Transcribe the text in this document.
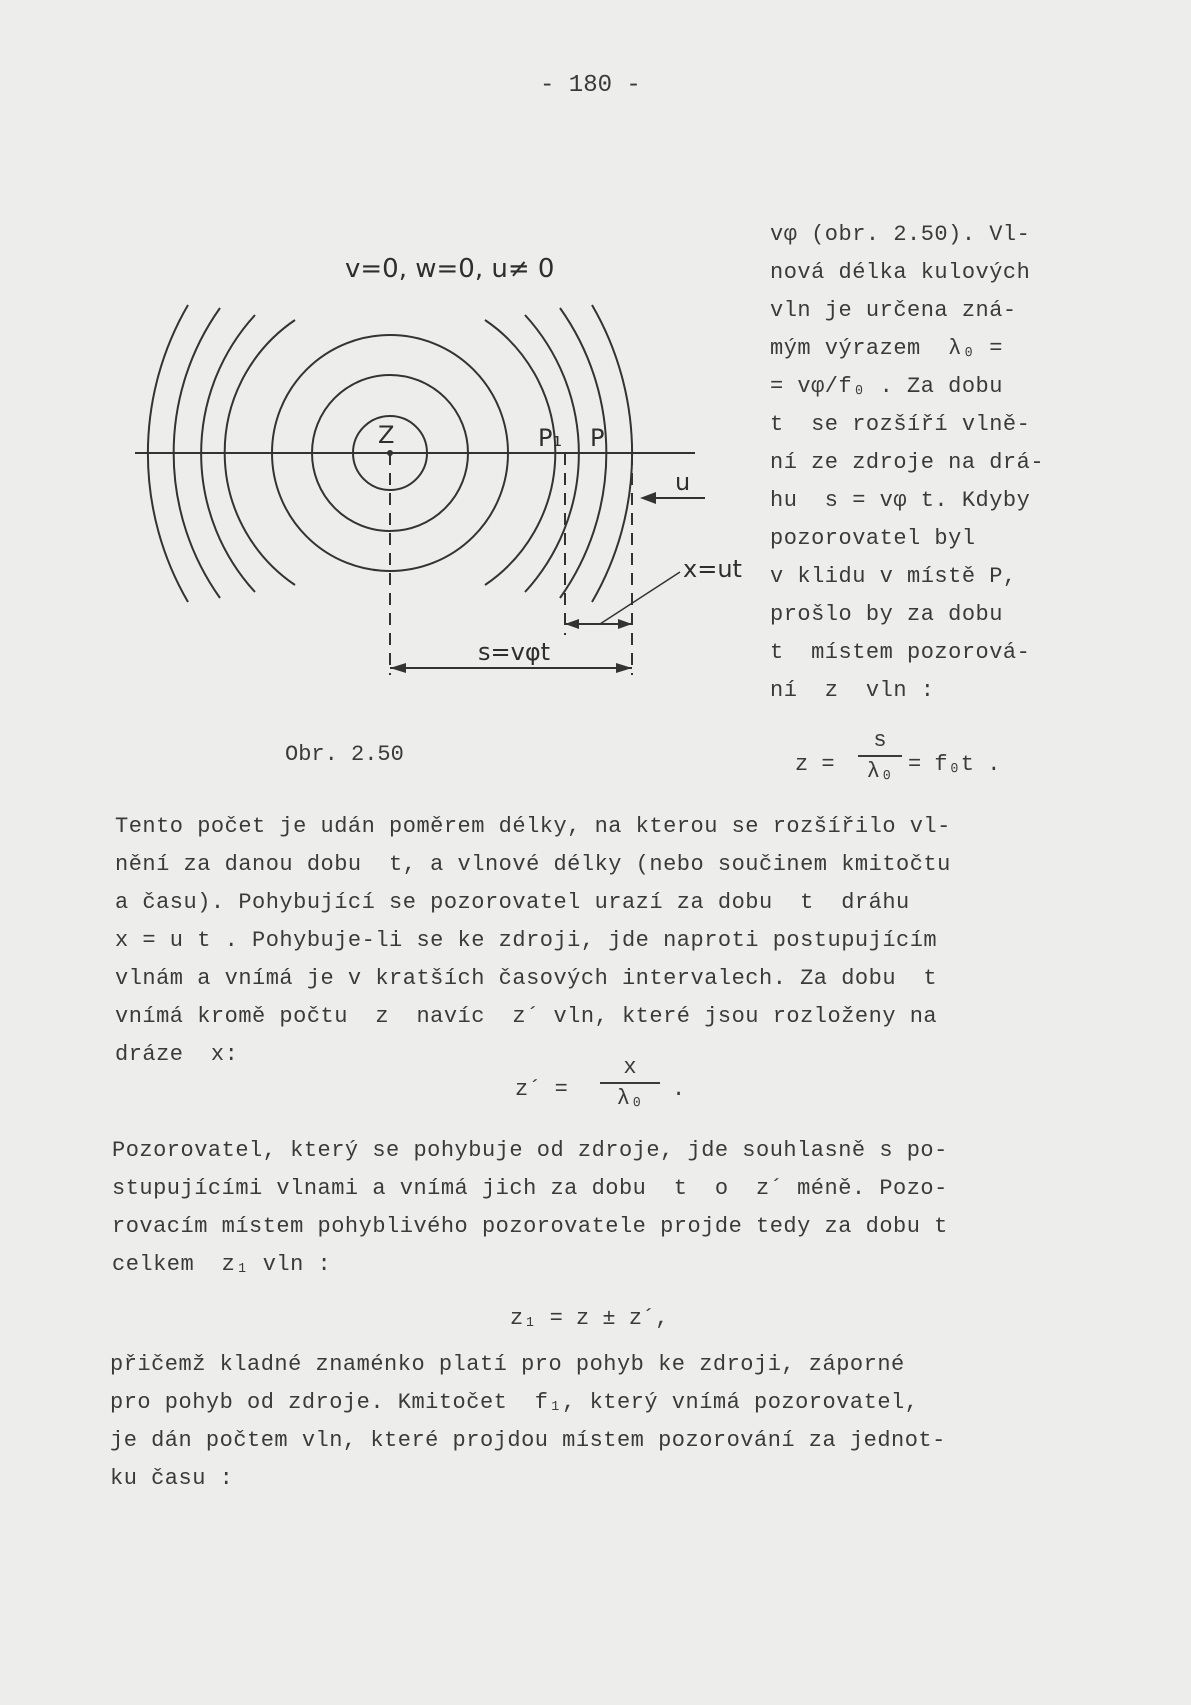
- 180 -
v=0, w=0, u≠ 0
Z	P₁ P
u
x=ut
s=vφt
Obr. 2.50
vφ (obr. 2.50). Vl-
nová délka kulových
vln je určena zná-
mým výrazem  λ₀ =
= vφ/f₀ . Za dobu
t  se rozšíří vlně-
ní ze zdroje na drá-
hu  s = vφ t. Kdyby
pozorovatel byl
v klidu v místě P,
prošlo by za dobu
t  místem pozorová-
ní  z  vln :
z =
s
λ₀ = f₀t .
Tento počet je udán poměrem délky, na kterou se rozšířilo vl-
nění za danou dobu  t, a vlnové délky (nebo součinem kmitočtu
a času). Pohybující se pozorovatel urazí za dobu  t  dráhu
x = u t . Pohybuje-li se ke zdroji, jde naproti postupujícím
vlnám a vnímá je v kratších časových intervalech. Za dobu  t
vnímá kromě počtu  z  navíc  z´ vln, které jsou rozloženy na
dráze  x:
z´ =
x
λ₀	.
Pozorovatel, který se pohybuje od zdroje, jde souhlasně s po-
stupujícími vlnami a vnímá jich za dobu  t  o  z´ méně. Pozo-
rovacím místem pohyblivého pozorovatele projde tedy za dobu t
celkem  z₁ vln :
z₁ = z ± z´,
přičemž kladné znaménko platí pro pohyb ke zdroji, záporné
pro pohyb od zdroje. Kmitočet  f₁, který vnímá pozorovatel,
je dán počtem vln, které projdou místem pozorování za jednot-
ku času :
